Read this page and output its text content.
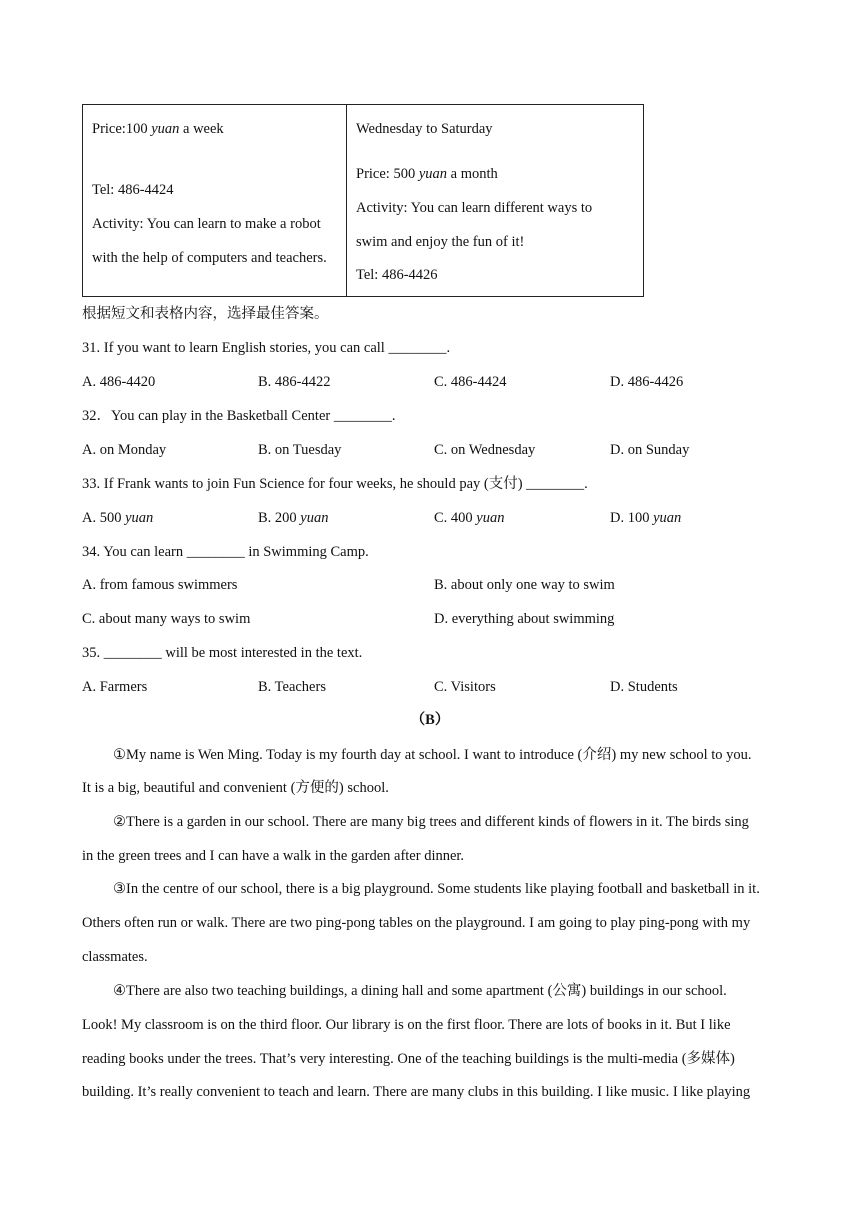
Price:100 yuan a week
Tel: 486-4424
Activity: You can learn to make a robot
with the help of computers and teachers.

Wednesday to Saturday
Price: 500 yuan a month
Activity: You can learn different ways to
swim and enjoy the fun of it!
Tel: 486-4426
根据短文和表格内容，选择最佳答案。
31. If you want to learn English stories, you can call ________.
A. 486-4420	B. 486-4422	C. 486-4424	D. 486-4426
32．You can play in the Basketball Center ________.
A. on Monday	B. on Tuesday	C. on Wednesday	D. on Sunday
33. If Frank wants to join Fun Science for four weeks, he should pay (支付) ________.
A. 500 yuan	B. 200 yuan	C. 400 yuan	D. 100 yuan
34. You can learn ________ in Swimming Camp.
A. from famous swimmers	B. about only one way to swim
C. about many ways to swim	D. everything about swimming
35. ________ will be most interested in the text.
A. Farmers	B. Teachers	C. Visitors	D. Students
（B）
①My name is Wen Ming. Today is my fourth day at school. I want to introduce (介绍) my new school to you.
It is a big, beautiful and convenient (方便的) school.
②There is a garden in our school. There are many big trees and different kinds of flowers in it. The birds sing
in the green trees and I can have a walk in the garden after dinner.
③In the centre of our school, there is a big playground. Some students like playing football and basketball in it.
Others often run or walk. There are two ping-pong tables on the playground. I am going to play ping-pong with my
classmates.
④There are also two teaching buildings, a dining hall and some apartment (公寓) buildings in our school.
Look! My classroom is on the third floor. Our library is on the first floor. There are lots of books in it. But I like
reading books under the trees. That’s very interesting. One of the teaching buildings is the multi-media (多媒体)
building. It’s really convenient to teach and learn. There are many clubs in this building. I like music. I like playing
